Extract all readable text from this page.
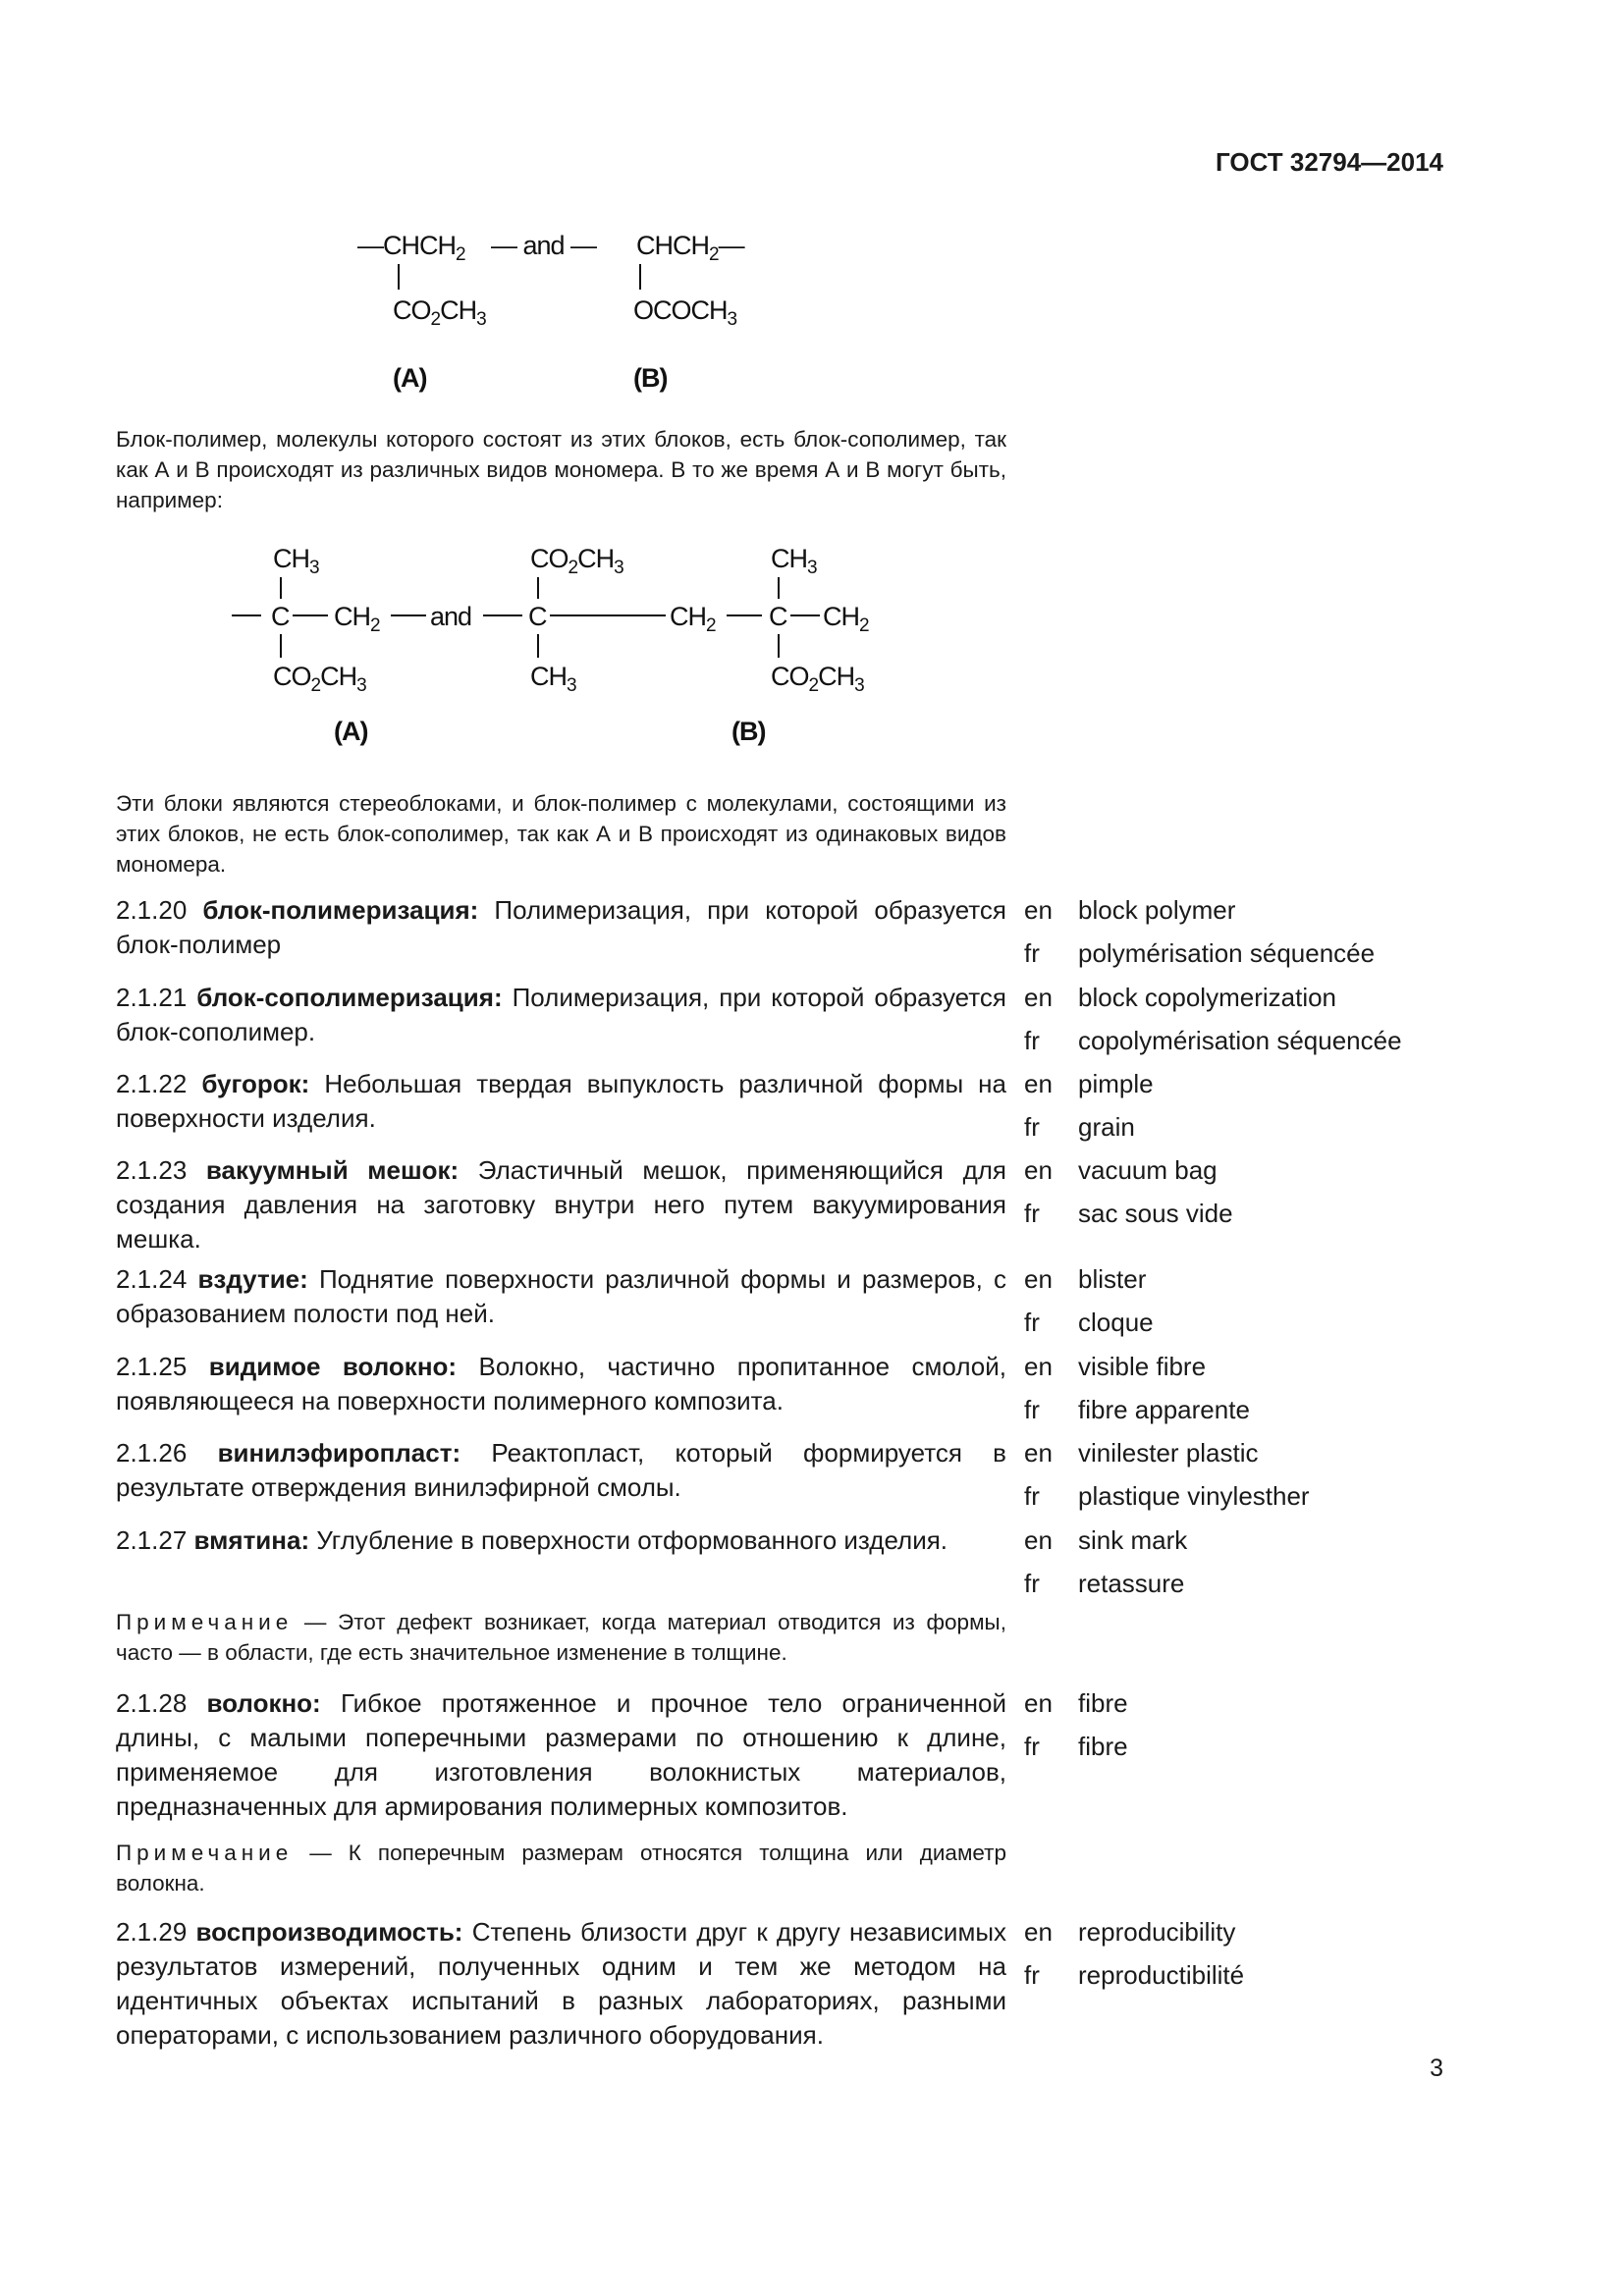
ГОСТ 32794—2014
$—CHCH_2$ — and — $CHCH_2—$
$CO_2CH_3$	$OCOCH_3$
(A)	(B)
Блок-полимер, молекулы которого состоят из этих блоков, есть блок-сополимер, так как А и В происходят из различных видов мономера. В то же время А и В могут быть, например:
$CH_3$	$CO_2CH_3$	$CH_3$
C $CH_2$ and C	$CH_2$ C $CH_2$
$CO_2CH_3$	$CH_3$	$CO_2CH_3$
(A)	(B)
Эти блоки являются стереоблоками, и блок-полимер с молекулами, состоящими из этих блоков, не есть блок-сополимер, так как А и В происходят из одинаковых видов мономера.
2.1.20 блок-полимеризация: Полимеризация, при которой образуется блок-полимер
en block polymer
fr polymérisation séquencée
2.1.21 блок-сополимеризация: Полимеризация, при которой образуется блок-сополимер.
en block copolymerization
fr copolymérisation séquencée
2.1.22 бугорок: Небольшая твердая выпуклость различной формы на поверхности изделия.
en pimple
fr grain
2.1.23 вакуумный мешок: Эластичный мешок, применяющийся для создания давления на заготовку внутри него путем вакуумирования мешка.
en vacuum bag
fr sac sous vide
2.1.24 вздутие: Поднятие поверхности различной формы и размеров, с образованием полости под ней.
en blister
fr cloque
2.1.25 видимое волокно: Волокно, частично пропитанное смолой, появляющееся на поверхности полимерного композита.
en visible fibre
fr fibre apparente
2.1.26 винилэфиропласт: Реактопласт, который формируется в результате отверждения винилэфирной смолы.
en vinilester plastic
fr plastique vinylesther
2.1.27 вмятина: Углубление в поверхности отформованного изделия.	en sink mark
fr retassure
Примечание — Этот дефект возникает, когда материал отводится из формы, часто — в области, где есть значительное изменение в толщине.
2.1.28 волокно: Гибкое протяженное и прочное тело ограниченной длины, с малыми поперечными размерами по отношению к длине, применяемое для изготовления волокнистых материалов, предназначенных для армирования полимерных композитов.
en fibre
fr fibre
Примечание — К поперечным размерам относятся толщина или диаметр волокна.
2.1.29 воспроизводимость: Степень близости друг к другу независимых результатов измерений, полученных одним и тем же методом на идентичных объектах испытаний в разных лабораториях, разными операторами, с использованием различного оборудования.
en reproducibility
fr reproductibilité
3
